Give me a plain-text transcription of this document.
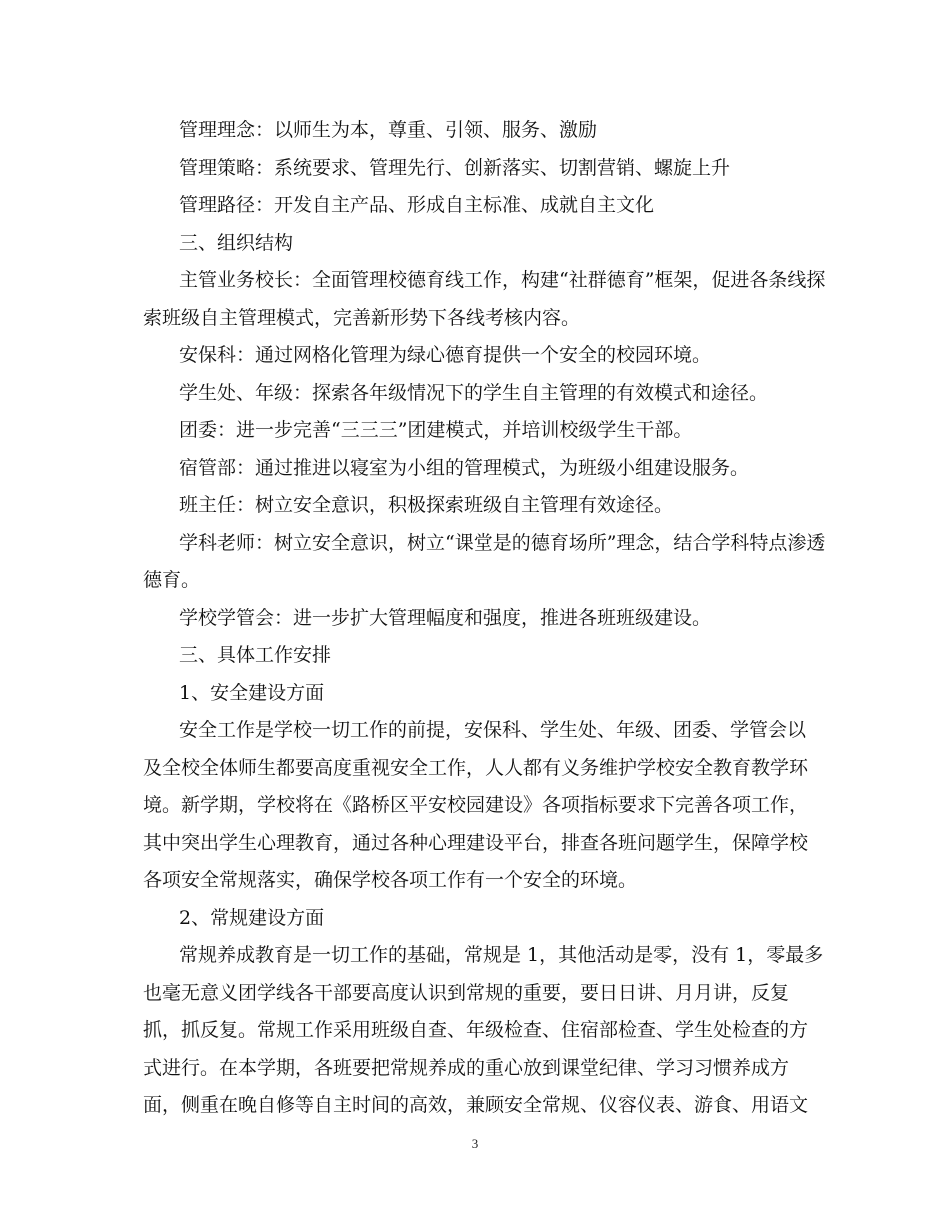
管理理念：以师生为本，尊重、引领、服务、激励
管理策略：系统要求、管理先行、创新落实、切割营销、螺旋上升
管理路径：开发自主产品、形成自主标准、成就自主文化
三、组织结构
主管业务校长：全面管理校德育线工作，构建“社群德育”框架，促进各条线探
索班级自主管理模式，完善新形势下各线考核内容。
安保科：通过网格化管理为绿心德育提供一个安全的校园环境。
学生处、年级：探索各年级情况下的学生自主管理的有效模式和途径。
团委：进一步完善“三三三”团建模式，并培训校级学生干部。
宿管部：通过推进以寝室为小组的管理模式，为班级小组建设服务。
班主任：树立安全意识，积极探索班级自主管理有效途径。
学科老师：树立安全意识，树立“课堂是的德育场所”理念，结合学科特点渗透
德育。
学校学管会：进一步扩大管理幅度和强度，推进各班班级建设。
三、具体工作安排
1、安全建设方面
安全工作是学校一切工作的前提，安保科、学生处、年级、团委、学管会以
及全校全体师生都要高度重视安全工作，人人都有义务维护学校安全教育教学环
境。新学期，学校将在《路桥区平安校园建设》各项指标要求下完善各项工作，
其中突出学生心理教育，通过各种心理建设平台，排查各班问题学生，保障学校
各项安全常规落实，确保学校各项工作有一个安全的环境。
2、常规建设方面
常规养成教育是一切工作的基础，常规是 1，其他活动是零，没有 1，零最多
也毫无意义团学线各干部要高度认识到常规的重要，要日日讲、月月讲，反复
抓，抓反复。常规工作采用班级自查、年级检查、住宿部检查、学生处检查的方
式进行。在本学期，各班要把常规养成的重心放到课堂纪律、学习习惯养成方
面，侧重在晚自修等自主时间的高效，兼顾安全常规、仪容仪表、游食、用语文
3
